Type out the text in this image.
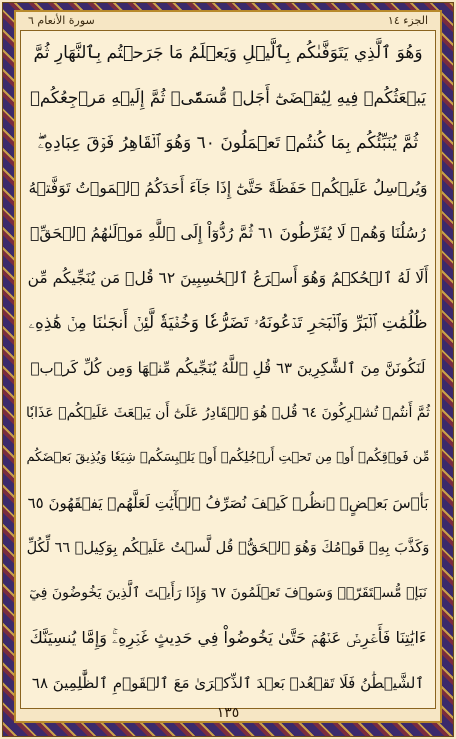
الجزء ١٤
سورة الأنعام ٦
وَهُوَ ٱلَّذِي يَتَوَفَّىٰكُم بِٱلَّيۡلِ وَيَعۡلَمُ مَا جَرَحۡتُم بِٱلنَّهَارِ ثُمَّ
يَبۡعَثُكُمۡ فِيهِ لِيُقۡضَىٰٓ أَجَلٞ مُّسَمّٗىۖ ثُمَّ إِلَيۡهِ مَرۡجِعُكُمۡ
ثُمَّ يُنَبِّئُكُم بِمَا كُنتُمۡ تَعۡمَلُونَ ٦٠ وَهُوَ ٱلۡقَاهِرُ فَوۡقَ عِبَادِهِۦۖ
وَيُرۡسِلُ عَلَيۡكُمۡ حَفَظَةً حَتَّىٰٓ إِذَا جَآءَ أَحَدَكُمُ ٱلۡمَوۡتُ تَوَفَّتۡهُ
رُسُلُنَا وَهُمۡ لَا يُفَرِّطُونَ ٦١ ثُمَّ رُدُّوٓاْ إِلَى ٱللَّهِ مَوۡلَىٰهُمُ ٱلۡحَقِّۚ
أَلَا لَهُ ٱلۡحُكۡمُ وَهُوَ أَسۡرَعُ ٱلۡحَٰسِبِينَ ٦٢ قُلۡ مَن يُنَجِّيكُم مِّن
ظُلُمَٰتِ ٱلۡبَرِّ وَٱلۡبَحۡرِ تَدۡعُونَهُۥ تَضَرُّعٗا وَخُفۡيَةٗ لَّئِنۡ أَنجَىٰنَا مِنۡ هَٰذِهِۦ
لَنَكُونَنَّ مِنَ ٱلشَّٰكِرِينَ ٦٣ قُلِ ٱللَّهُ يُنَجِّيكُم مِّنۡهَا وَمِن كُلِّ كَرۡبٖ
ثُمَّ أَنتُمۡ تُشۡرِكُونَ ٦٤ قُلۡ هُوَ ٱلۡقَادِرُ عَلَىٰٓ أَن يَبۡعَثَ عَلَيۡكُمۡ عَذَابٗا
مِّن فَوۡقِكُمۡ أَوۡ مِن تَحۡتِ أَرۡجُلِكُمۡ أَوۡ يَلۡبِسَكُمۡ شِيَعٗا وَيُذِيقَ بَعۡضَكُم
بَأۡسَ بَعۡضٍۗ ٱنظُرۡ كَيۡفَ نُصَرِّفُ ٱلۡأٓيَٰتِ لَعَلَّهُمۡ يَفۡقَهُونَ ٦٥
وَكَذَّبَ بِهِۦ قَوۡمُكَ وَهُوَ ٱلۡحَقُّۚ قُل لَّسۡتُ عَلَيۡكُم بِوَكِيلٖ ٦٦ لِّكُلِّ
نَبَإٖ مُّسۡتَقَرّٞۚ وَسَوۡفَ تَعۡلَمُونَ ٦٧ وَإِذَا رَأَيۡتَ ٱلَّذِينَ يَخُوضُونَ فِيٓ
ءَايَٰتِنَا فَأَعۡرِضۡ عَنۡهُمۡ حَتَّىٰ يَخُوضُواْ فِي حَدِيثٍ غَيۡرِهِۦۚ وَإِمَّا يُنسِيَنَّكَ
ٱلشَّيۡطَٰنُ فَلَا تَقۡعُدۡ بَعۡدَ ٱلذِّكۡرَىٰ مَعَ ٱلۡقَوۡمِ ٱلظَّٰلِمِينَ ٦٨
١٣٥
